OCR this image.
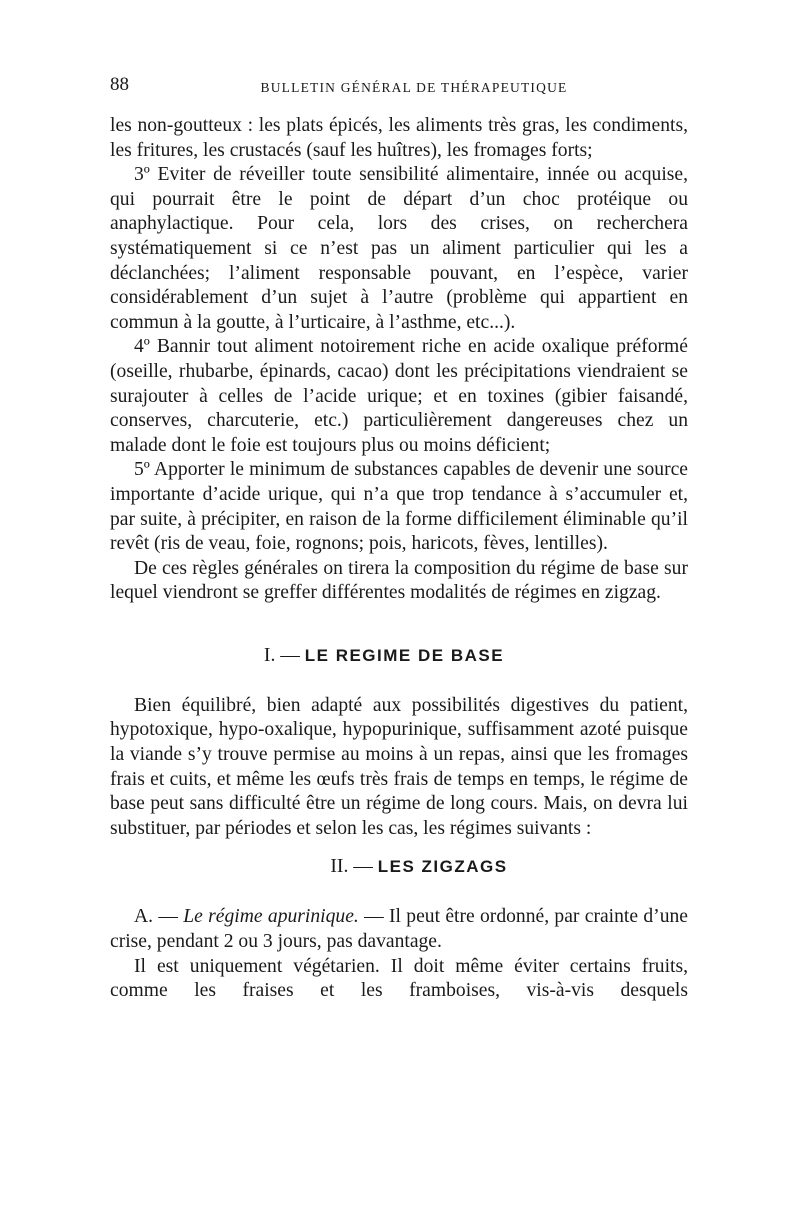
88	BULLETIN GÉNÉRAL DE THÉRAPEUTIQUE

les non-goutteux : les plats épicés, les aliments très gras, les condiments, les fritures, les crustacés (sauf les huîtres), les fromages forts;

3º Eviter de réveiller toute sensibilité alimentaire, innée ou acquise, qui pourrait être le point de départ d’un choc protéique ou anaphylactique. Pour cela, lors des crises, on recherchera systématiquement si ce n’est pas un aliment particulier qui les a déclanchées; l’aliment responsable pouvant, en l’espèce, varier considérablement d’un sujet à l’autre (problème qui appartient en commun à la goutte, à l’urticaire, à l’asthme, etc...).

4º Bannir tout aliment notoirement riche en acide oxalique préformé (oseille, rhubarbe, épinards, cacao) dont les précipitations viendraient se surajouter à celles de l’acide urique; et en toxines (gibier faisandé, conserves, charcuterie, etc.) particulièrement dangereuses chez un malade dont le foie est toujours plus ou moins déficient;

5º Apporter le minimum de substances capables de devenir une source importante d’acide urique, qui n’a que trop tendance à s’accumuler et, par suite, à précipiter, en raison de la forme difficilement éliminable qu’il revêt (ris de veau, foie, rognons; pois, haricots, fèves, lentilles).

De ces règles générales on tirera la composition du régime de base sur lequel viendront se greffer différentes modalités de régimes en zigzag.

I. — LE REGIME DE BASE

Bien équilibré, bien adapté aux possibilités digestives du patient, hypotoxique, hypo-oxalique, hypopurinique, suffisamment azoté puisque la viande s’y trouve permise au moins à un repas, ainsi que les fromages frais et cuits, et même les œufs très frais de temps en temps, le régime de base peut sans difficulté être un régime de long cours. Mais, on devra lui substituer, par périodes et selon les cas, les régimes suivants :

II. — LES ZIGZAGS

A. — Le régime apurinique. — Il peut être ordonné, par crainte d’une crise, pendant 2 ou 3 jours, pas davantage.

Il est uniquement végétarien. Il doit même éviter certains fruits, comme les fraises et les framboises, vis-à-vis desquels
